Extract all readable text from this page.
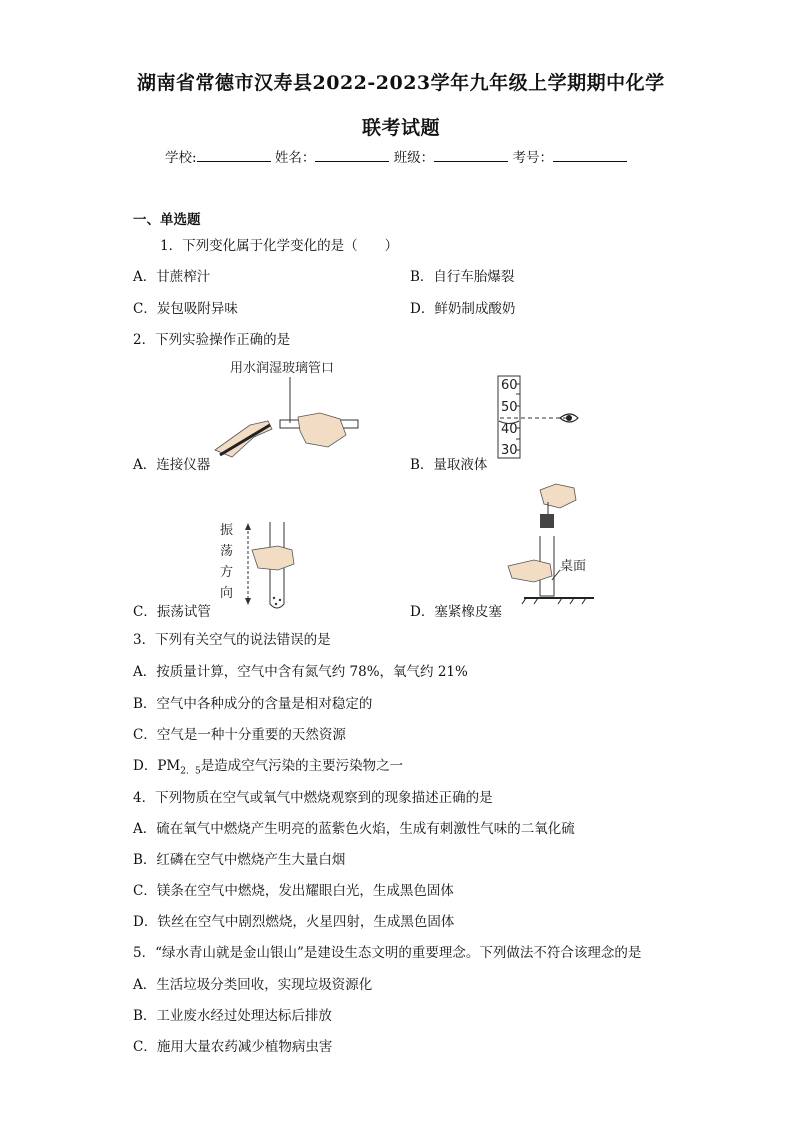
湖南省常德市汉寿县2022-2023学年九年级上学期期中化学
联考试题
学校:	姓名：	班级：	考号：
一、单选题
1．下列变化属于化学变化的是（　　）
A．甘蔗榨汁	B．自行车胎爆裂
C．炭包吸附异味	D．鲜奶制成酸奶
2．下列实验操作正确的是
用水润湿玻璃管口
A．连接仪器
60
50
40
30
B．量取液体
振
荡
方
向
C．振荡试管
桌面
D．塞紧橡皮塞
3．下列有关空气的说法错误的是
A．按质量计算，空气中含有氮气约 78%，氧气约 21%
B．空气中各种成分的含量是相对稳定的
C．空气是一种十分重要的天然资源
D．$PM_{2.5}$是造成空气污染的主要污染物之一
4．下列物质在空气或氧气中燃烧观察到的现象描述正确的是
A．硫在氧气中燃烧产生明亮的蓝紫色火焰，生成有刺激性气味的二氧化硫
B．红磷在空气中燃烧产生大量白烟
C．镁条在空气中燃烧，发出耀眼白光，生成黑色固体
D．铁丝在空气中剧烈燃烧，火星四射，生成黑色固体
5．“绿水青山就是金山银山”是建设生态文明的重要理念。下列做法不符合该理念的是
A．生活垃圾分类回收，实现垃圾资源化
B．工业废水经过处理达标后排放
C．施用大量农药减少植物病虫害
